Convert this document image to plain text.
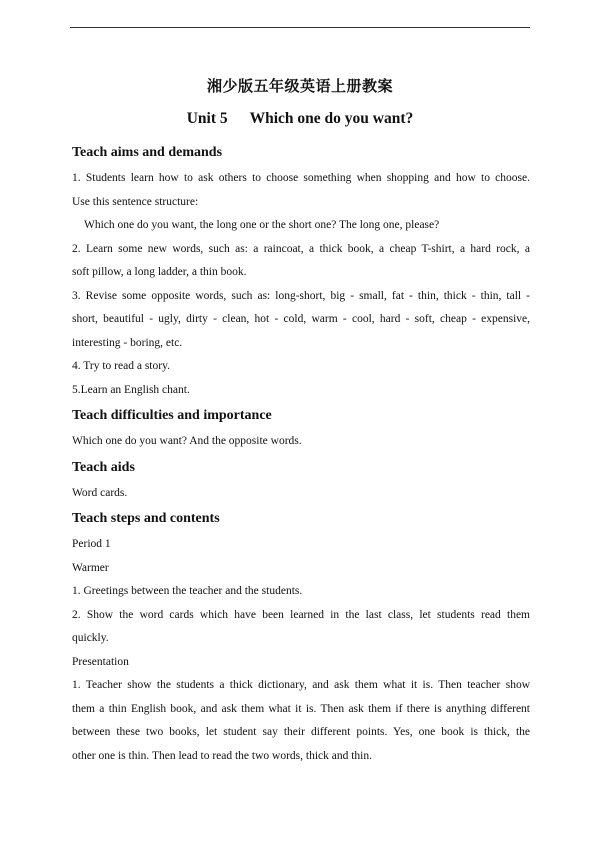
湘少版五年级英语上册教案
Unit 5 Which one do you want?
Teach aims and demands
1. Students learn how to ask others to choose something when shopping and how to choose.
Use this sentence structure:
Which one do you want, the long one or the short one? The long one, please?
2. Learn some new words, such as: a raincoat, a thick book, a cheap T-shirt, a hard rock, a
soft pillow, a long ladder, a thin book.
3. Revise some opposite words, such as: long-short, big - small, fat - thin, thick - thin, tall -
short, beautiful - ugly, dirty - clean, hot - cold, warm - cool, hard - soft, cheap - expensive,
interesting - boring, etc.
4. Try to read a story.
5.Learn an English chant.
Teach difficulties and importance
Which one do you want? And the opposite words.
Teach aids
Word cards.
Teach steps and contents
Period 1
Warmer
1. Greetings between the teacher and the students.
2. Show the word cards which have been learned in the last class, let students read them
quickly.
Presentation
1. Teacher show the students a thick dictionary, and ask them what it is. Then teacher show
them a thin English book, and ask them what it is. Then ask them if there is anything different
between these two books, let student say their different points. Yes, one book is thick, the
other one is thin. Then lead to read the two words, thick and thin.
